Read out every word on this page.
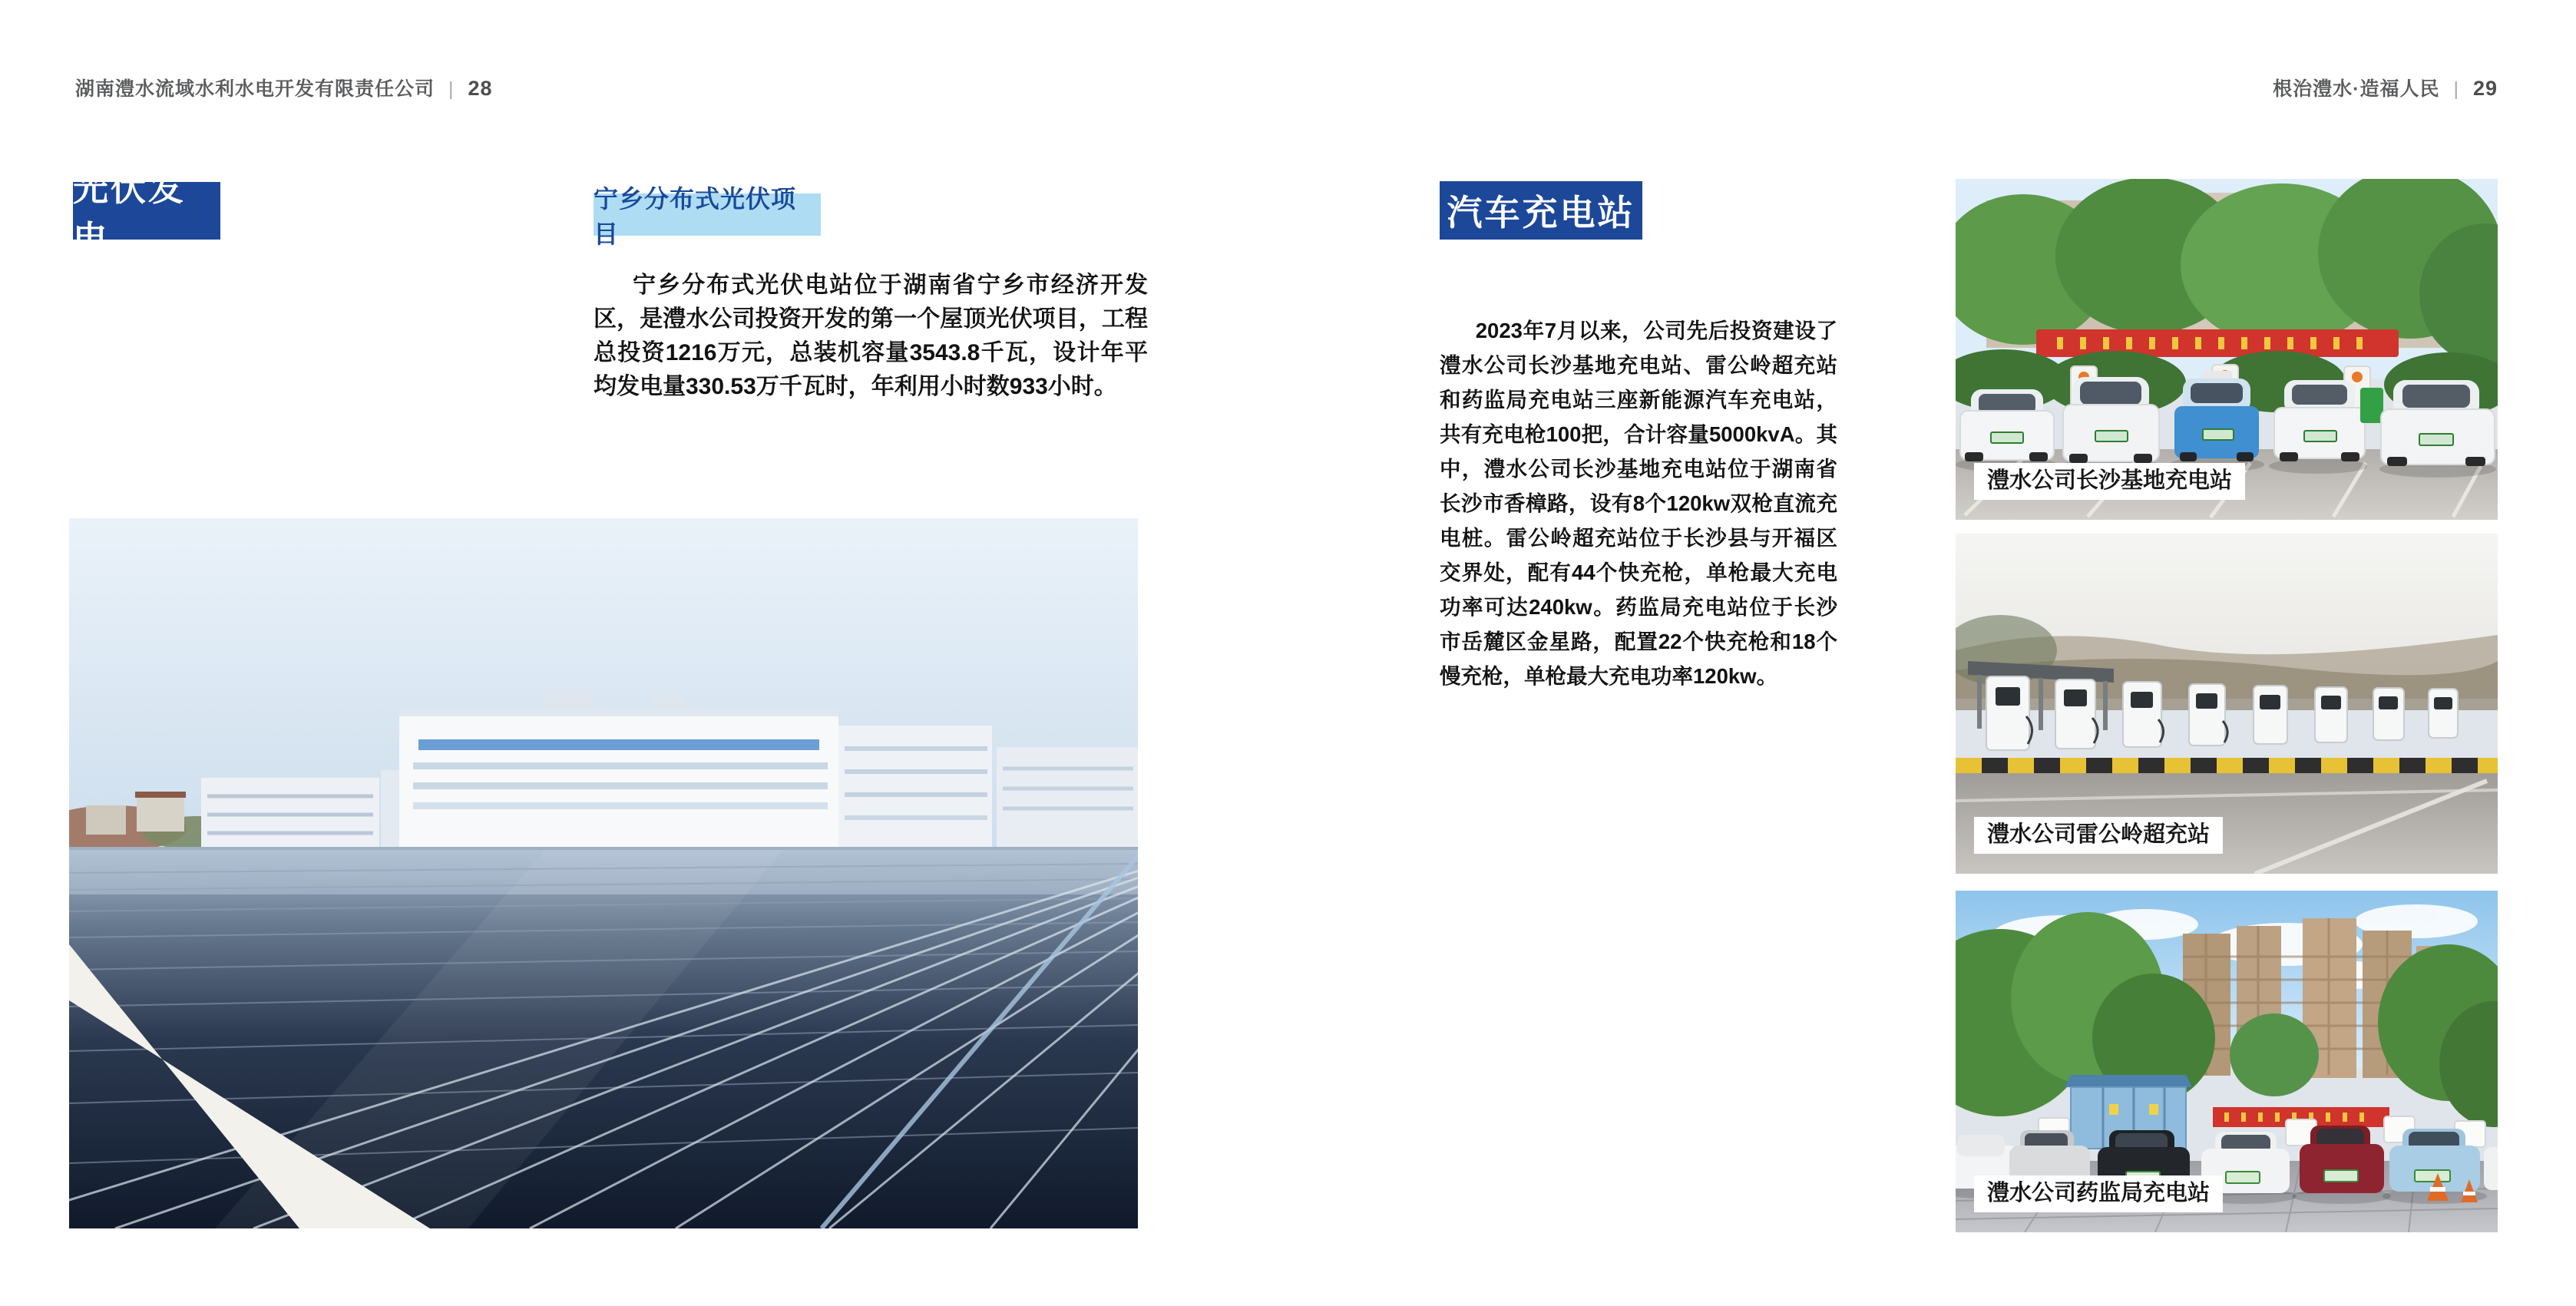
湖南澧水流域水利水电开发有限责任公司 | 28	根治澧水·造福人民 | 29
光伏发电
宁乡分布式光伏项目
宁乡分布式光伏电站位于湖南省宁乡市经济开发区，是澧水公司投资开发的第一个屋顶光伏项目，工程总投资1216万元，总装机容量3543.8千瓦，设计年平均发电量330.53万千瓦时，年利用小时数933小时。
汽车充电站
2023年7月以来，公司先后投资建设了澧水公司长沙基地充电站、雷公岭超充站和药监局充电站三座新能源汽车充电站，共有充电枪100把，合计容量5000kvA。其中，澧水公司长沙基地充电站位于湖南省长沙市香樟路，设有8个120kw双枪直流充电桩。雷公岭超充站位于长沙县与开福区交界处，配有44个快充枪，单枪最大充电功率可达240kw。药监局充电站位于长沙市岳麓区金星路，配置22个快充枪和18个慢充枪，单枪最大充电功率120kw。
澧水公司长沙基地充电站
澧水公司雷公岭超充站
澧水公司药监局充电站
